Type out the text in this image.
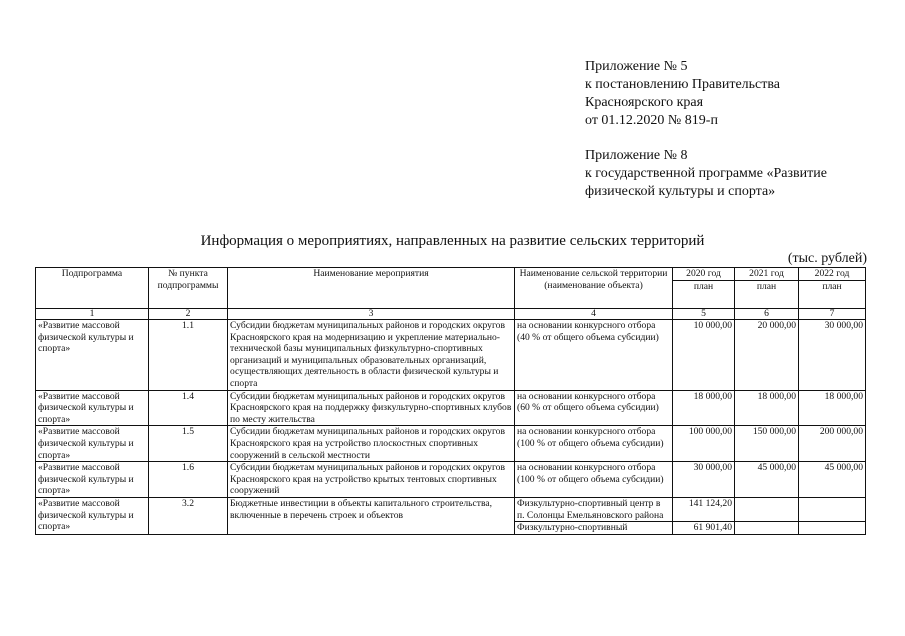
Приложение № 5

к постановлению Правительства

Красноярского края

от 01.12.2020 № 819-п

Приложение № 8

к государственной программе «Развитие

физической культуры и спорта»

Информация о мероприятиях, направленных на развитие сельских территорий
(тыс. рублей)
Подпрограмма	№ пункта подпрограммы	Наименование мероприятия	Наименование сельской территории (наименование объекта)	2020 год	2021 год	2022 год
				план	план	план
1	2	3	4	5	6	7
«Развитие массовой физической культуры и спорта»	1.1	Субсидии бюджетам муниципальных районов и городских округов Красноярского края на модернизацию и укрепление материально-технической базы муниципальных физкультурно-спортивных организаций и муниципальных образовательных организаций, осуществляющих деятельность в области физической культуры и спорта	на основании конкурсного отбора (40 % от общего объема субсидии)	10 000,00	20 000,00	30 000,00
«Развитие массовой физической культуры и спорта»	1.4	Субсидии бюджетам муниципальных районов и городских округов Красноярского края на поддержку физкультурно-спортивных клубов по месту жительства	на основании конкурсного отбора (60 % от общего объема субсидии)	18 000,00	18 000,00	18 000,00
«Развитие массовой физической культуры и спорта»	1.5	Субсидии бюджетам муниципальных районов и городских округов Красноярского края на устройство плоскостных спортивных сооружений в сельской местности	на основании конкурсного отбора (100 % от общего объема субсидии)	100 000,00	150 000,00	200 000,00
«Развитие массовой физической культуры и спорта»	1.6	Субсидии бюджетам муниципальных районов и городских округов Красноярского края на устройство крытых тентовых спортивных сооружений	на основании конкурсного отбора (100 % от общего объема субсидии)	30 000,00	45 000,00	45 000,00
«Развитие массовой физической культуры и спорта»	3.2	Бюджетные инвестиции в объекты капитального строительства, включенные в перечень строек и объектов	Физкультурно-спортивный центр в п. Солонцы Емельяновского района	141 124,20		
			Физкультурно-спортивный	61 901,40		
